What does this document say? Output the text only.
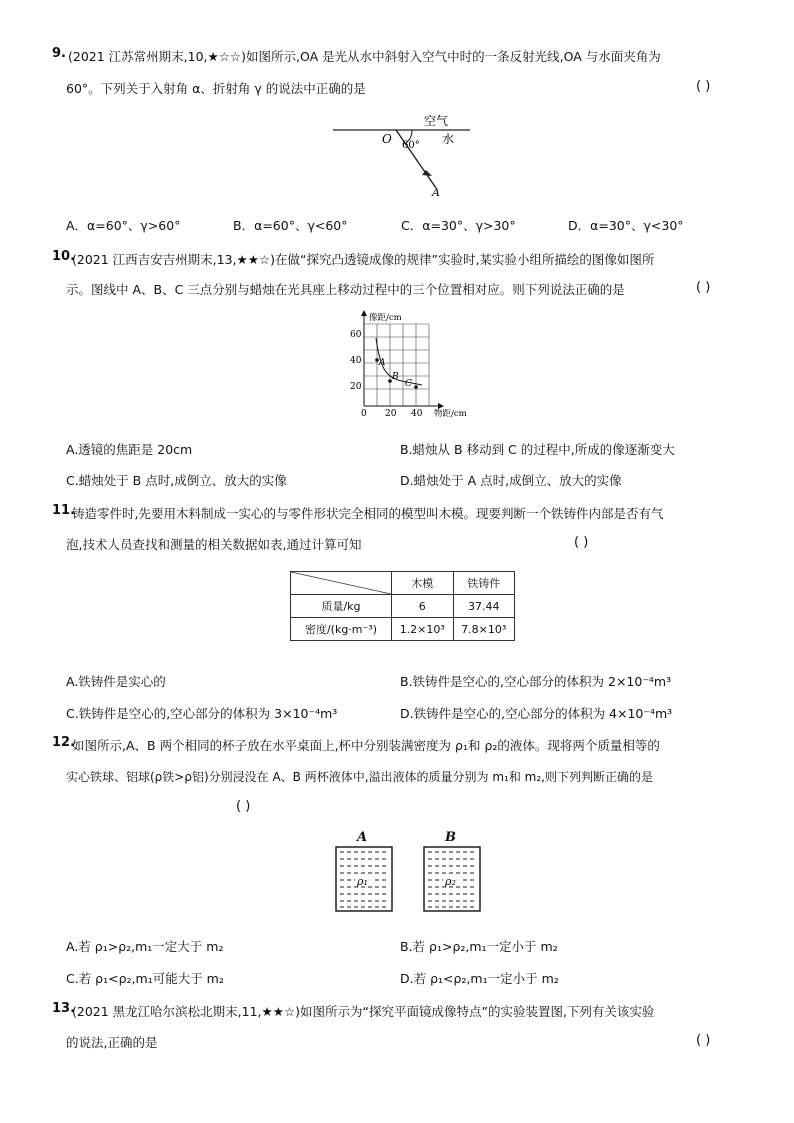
9. (2021 江苏常州期末,10,★☆☆)如图所示,OA 是光从水中斜射入空气中时的一条反射光线,OA 与水面夹角为
60°。下列关于入射角 α、折射角 γ 的说法中正确的是	( )
空气
水
O 60°
A
A．α=60°、γ>60°	B．α=60°、γ<60°	C．α=30°、γ>30°	D．α=30°、γ<30°
10.
(2021 江西吉安吉州期末,13,★★☆)在做“探究凸透镜成像的规律”实验时,某实验小组所描绘的图像如图所
示。图线中 A、B、C 三点分别与蜡烛在光具座上移动过程中的三个位置相对应。则下列说法正确的是	( )
A
B
C
60
40
20
0 20 40
像距/cm
物距/cm
A.透镜的焦距是 20cm	B.蜡烛从 B 移动到 C 的过程中,所成的像逐渐变大
C.蜡烛处于 B 点时,成倒立、放大的实像	D.蜡烛处于 A 点时,成倒立、放大的实像
11.
铸造零件时,先要用木料制成一实心的与零件形状完全相同的模型叫木模。现要判断一个铁铸件内部是否有气
泡,技术人员查找和测量的相关数据如表,通过计算可知	( )
	木模	铁铸件
质量/kg	6	37.44
密度/(kg·m⁻³)	1.2×10³	7.8×10³
A.铁铸件是实心的	B.铁铸件是空心的,空心部分的体积为 2×10⁻⁴m³
C.铁铸件是空心的,空心部分的体积为 3×10⁻⁴m³	D.铁铸件是空心的,空心部分的体积为 4×10⁻⁴m³
12.
如图所示,A、B 两个相同的杯子放在水平桌面上,杯中分别装满密度为 ρ₁和 ρ₂的液体。现将两个质量相等的
实心铁球、铝球(ρ铁>ρ铝)分别浸没在 A、B 两杯液体中,溢出液体的质量分别为 m₁和 m₂,则下列判断正确的是
( )
A
ρ₁
B
ρ₂
A.若 ρ₁>ρ₂,m₁一定大于 m₂	B.若 ρ₁>ρ₂,m₁一定小于 m₂
C.若 ρ₁<ρ₂,m₁可能大于 m₂	D.若 ρ₁<ρ₂,m₁一定小于 m₂
13.
(2021 黑龙江哈尔滨松北期末,11,★★☆)如图所示为“探究平面镜成像特点”的实验装置图,下列有关该实验
的说法,正确的是	( )
